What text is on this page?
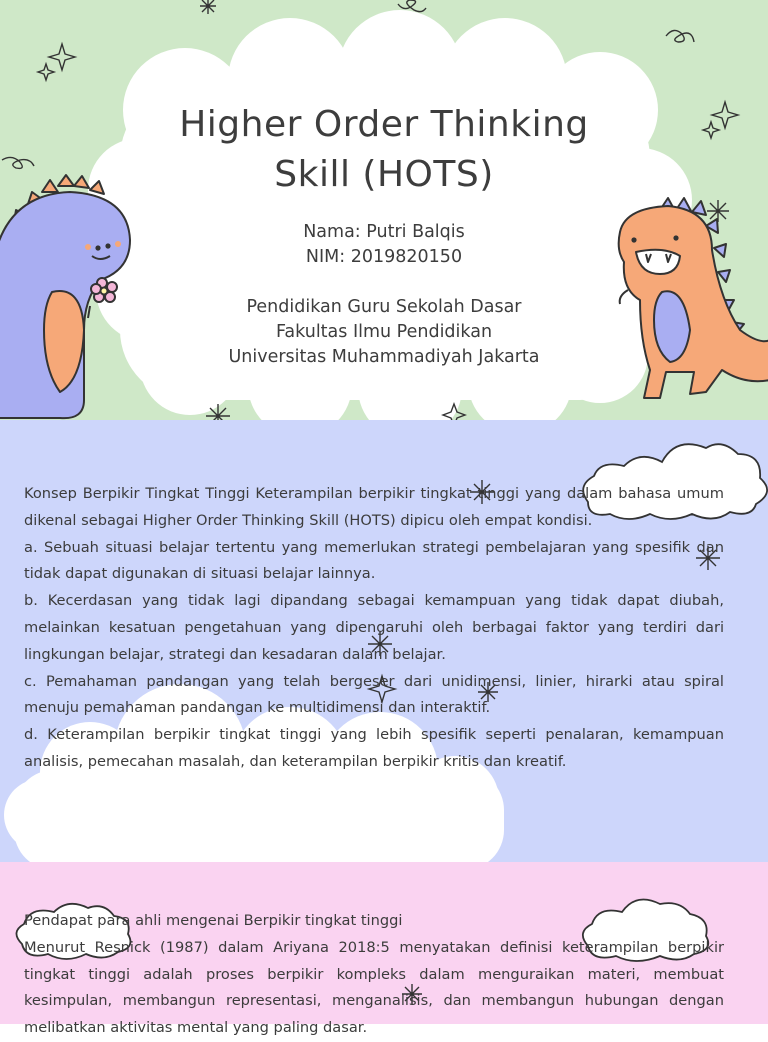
Higher Order Thinking
Skill (HOTS)
Nama: Putri Balqis
NIM: 2019820150
Pendidikan Guru Sekolah Dasar
Fakultas Ilmu Pendidikan
Universitas Muhammadiyah Jakarta

Konsep Berpikir Tingkat Tinggi Keterampilan berpikir tingkat tinggi yang dalam bahasa umum dikenal sebagai Higher Order Thinking Skill (HOTS) dipicu oleh empat kondisi.

a. Sebuah situasi belajar tertentu yang memerlukan strategi pembelajaran yang spesifik dan tidak dapat digunakan di situasi belajar lainnya.

b. Kecerdasan yang tidak lagi dipandang sebagai kemampuan yang tidak dapat diubah, melainkan kesatuan pengetahuan yang dipengaruhi oleh berbagai faktor yang terdiri dari lingkungan belajar, strategi dan kesadaran dalam belajar.

c. Pemahaman pandangan yang telah bergeser dari unidimensi, linier, hirarki atau spiral menuju pemahaman pandangan ke multidimensi dan interaktif.

d. Keterampilan berpikir tingkat tinggi yang lebih spesifik seperti penalaran, kemampuan analisis, pemecahan masalah, dan keterampilan berpikir kritis dan kreatif.

Pendapat para ahli mengenai Berpikir tingkat tinggi

Menurut Resnick (1987) dalam Ariyana 2018:5 menyatakan definisi keterampilan berpikir tingkat tinggi adalah proses berpikir kompleks dalam menguraikan materi, membuat kesimpulan, membangun representasi, menganalisis, dan membangun hubungan dengan melibatkan aktivitas mental yang paling dasar.
